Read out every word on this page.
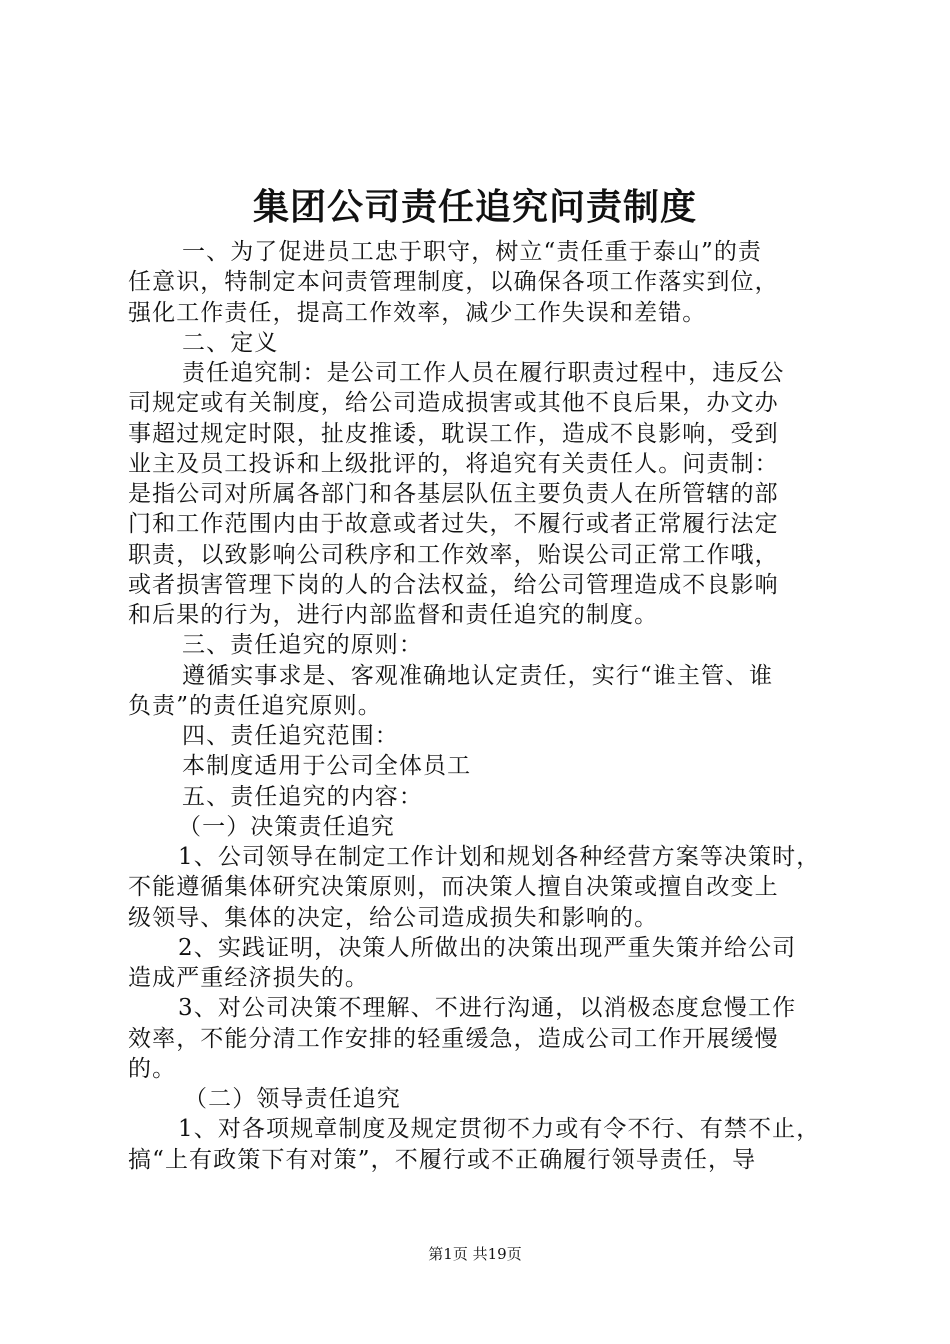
集团公司责任追究问责制度
一、为了促进员工忠于职守，树立“责任重于泰山”的责
任意识，特制定本问责管理制度，以确保各项工作落实到位，
强化工作责任，提高工作效率，减少工作失误和差错。
二、定义
责任追究制：是公司工作人员在履行职责过程中，违反公
司规定或有关制度，给公司造成损害或其他不良后果，办文办
事超过规定时限，扯皮推诿，耽误工作，造成不良影响，受到
业主及员工投诉和上级批评的，将追究有关责任人。问责制：
是指公司对所属各部门和各基层队伍主要负责人在所管辖的部
门和工作范围内由于故意或者过失，不履行或者正常履行法定
职责，以致影响公司秩序和工作效率，贻误公司正常工作哦，
或者损害管理下岗的人的合法权益，给公司管理造成不良影响
和后果的行为，进行内部监督和责任追究的制度。
三、责任追究的原则：
遵循实事求是、客观准确地认定责任，实行“谁主管、谁
负责”的责任追究原则。
四、责任追究范围：
本制度适用于公司全体员工
五、责任追究的内容：
（一）决策责任追究
1、公司领导在制定工作计划和规划各种经营方案等决策时，
不能遵循集体研究决策原则，而决策人擅自决策或擅自改变上
级领导、集体的决定，给公司造成损失和影响的。
2、实践证明，决策人所做出的决策出现严重失策并给公司
造成严重经济损失的。
3、对公司决策不理解、不进行沟通，以消极态度怠慢工作
效率，不能分清工作安排的轻重缓急，造成公司工作开展缓慢
的。
（二）领导责任追究
1、对各项规章制度及规定贯彻不力或有令不行、有禁不止，
搞“上有政策下有对策”，不履行或不正确履行领导责任，导
第1页 共19页
